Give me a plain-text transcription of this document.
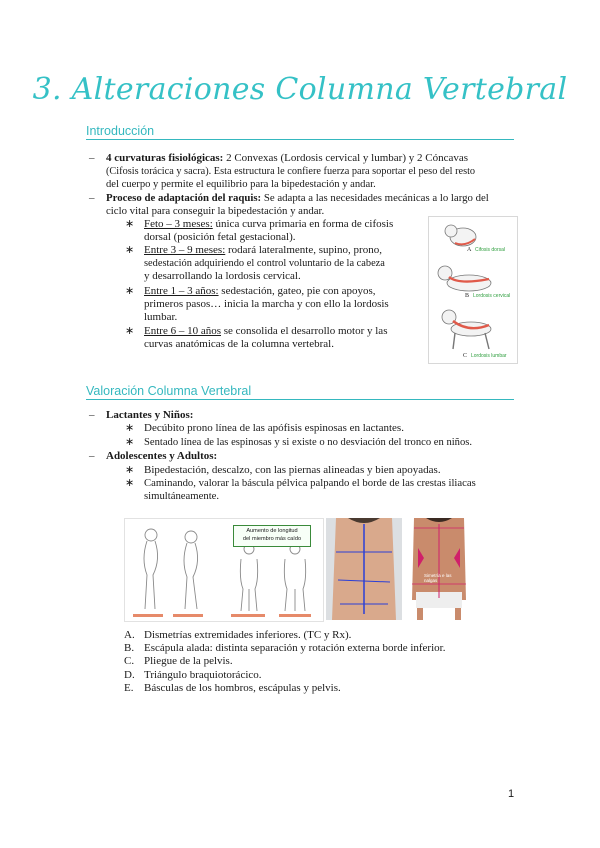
3. Alteraciones Columna Vertebral
Introducción
– 4 curvaturas fisiológicas: 2 Convexas (Lordosis cervical y lumbar) y 2 Cóncavas
(Cifosis torácica y sacra). Esta estructura le confiere fuerza para soportar el peso del resto
del cuerpo y permite el equilibrio para la bipedestación y andar.

– Proceso de adaptación del raquis: Se adapta a las necesidades mecánicas a lo largo del
ciclo vital para conseguir la bipedestación y andar.

∗ Feto – 3 meses: única curva primaria en forma de cifosis
dorsal (posición fetal gestacional).

∗ Entre 3 – 9 meses: rodará lateralmente, supino, prono,
sedestación adquiriendo el control voluntario de la cabeza
y desarrollando la lordosis cervical.

∗ Entre 1 – 3 años: sedestación, gateo, pie con apoyos,
primeros pasos… inicia la marcha y con ello la lordosis
lumbar.

∗ Entre 6 – 10 años se consolida el desarrollo motor y las
curvas anatómicas de la columna vertebral.

A Cifosis dorsal
B Lordosis cervical
C Lordosis lumbar
Valoración Columna Vertebral
– Lactantes y Niños:

∗ Decúbito prono línea de las apófisis espinosas en lactantes.

∗ Sentado línea de las espinosas y si existe o no desviación del tronco en niños.

– Adolescentes y Adultos:

∗ Bipedestación, descalzo, con las piernas alineadas y bien apoyadas.

∗ Caminando, valorar la báscula pélvica palpando el borde de las crestas iliacas
simultáneamente.

Aumento de longitud
del miembro más caído
Simetría e las nalgas
A. Dismetrías extremidades inferiores. (TC y Rx).
B. Escápula alada: distinta separación y rotación externa borde inferior.
C. Pliegue de la pelvis.
D. Triángulo braquiotorácico.
E. Básculas de los hombros, escápulas y pelvis.
1
